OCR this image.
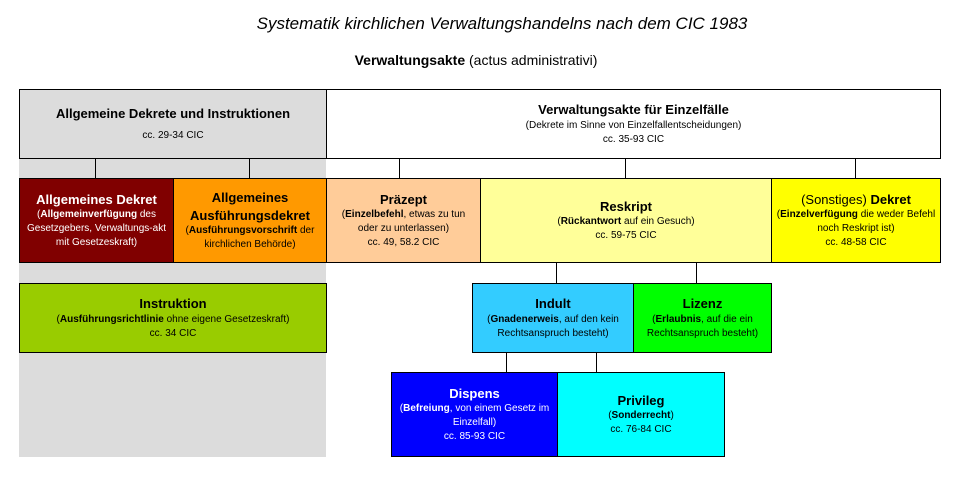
Systematik kirchlichen Verwaltungshandelns nach dem CIC 1983
Verwaltungsakte (actus administrativi)
Allgemeine Dekrete und Instruktionen
cc. 29-34 CIC
Verwaltungsakte für Einzelfälle
(Dekrete im Sinne von Einzelfallentscheidungen)
cc. 35-93 CIC
Allgemeines Dekret
(Allgemeinverfügung des Gesetzgebers, Verwaltungs-akt mit Gesetzeskraft)
Allgemeines Ausführungsdekret
(Ausführungsvorschrift der kirchlichen Behörde)
Präzept
(Einzelbefehl, etwas zu tun oder zu unterlassen)
cc. 49, 58.2 CIC
Reskript
(Rückantwort auf ein Gesuch)
cc. 59-75 CIC
(Sonstiges) Dekret
(Einzelverfügung die weder Befehl noch Reskript ist)
cc. 48-58 CIC
Instruktion
(Ausführungsrichtlinie ohne eigene Gesetzeskraft)
cc. 34 CIC
Indult
(Gnadenerweis, auf den kein Rechtsanspruch besteht)
Lizenz
(Erlaubnis, auf die ein Rechtsanspruch besteht)
Dispens
(Befreiung, von einem Gesetz im Einzelfall)
cc. 85-93 CIC
Privileg
(Sonderrecht)
cc. 76-84 CIC
